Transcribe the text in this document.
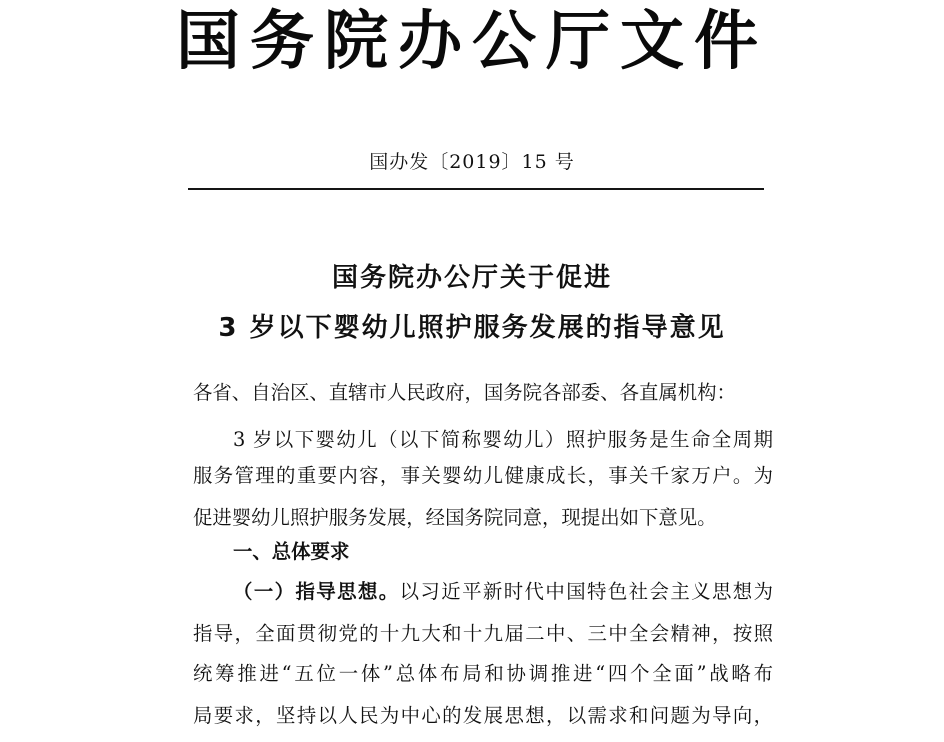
国务院办公厅文件
国办发〔2019〕15 号
国务院办公厅关于促进
3 岁以下婴幼儿照护服务发展的指导意见
各省、自治区、直辖市人民政府，国务院各部委、各直属机构：
3 岁以下婴幼儿（以下简称婴幼儿）照护服务是生命全周期
服务管理的重要内容，事关婴幼儿健康成长，事关千家万户。为
促进婴幼儿照护服务发展，经国务院同意，现提出如下意见。
一、总体要求
（一）指导思想。以习近平新时代中国特色社会主义思想为
指导，全面贯彻党的十九大和十九届二中、三中全会精神，按照
统筹推进“五位一体”总体布局和协调推进“四个全面”战略布
局要求，坚持以人民为中心的发展思想，以需求和问题为导向，
